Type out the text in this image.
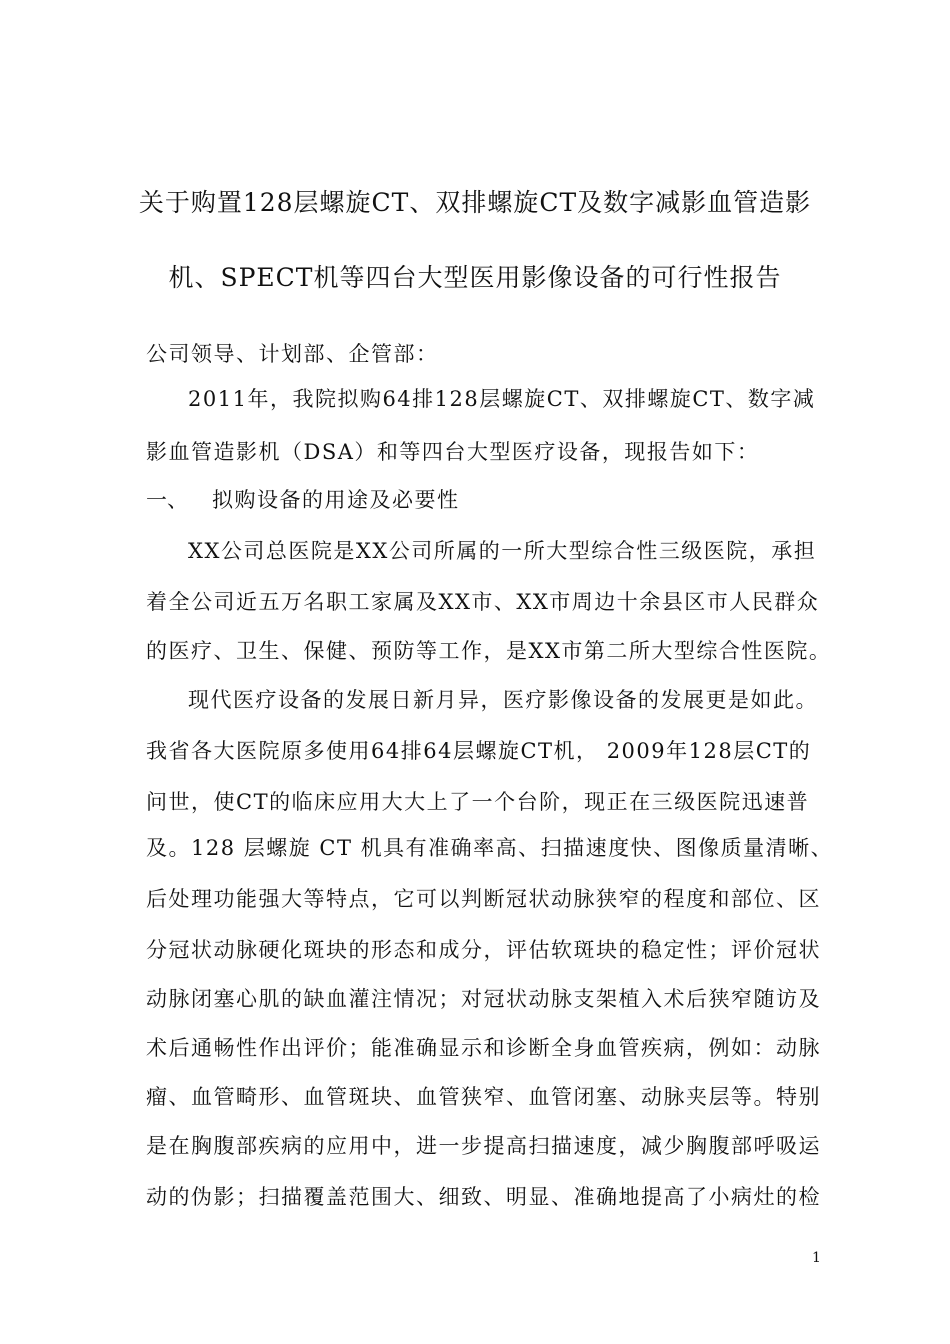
关于购置128层螺旋CT、双排螺旋CT及数字减影血管造影
机、SPECT机等四台大型医用影像设备的可行性报告
公司领导、计划部、企管部：
2011年，我院拟购64排128层螺旋CT、双排螺旋CT、数字减
影血管造影机（DSA）和等四台大型医疗设备，现报告如下：
一、 拟购设备的用途及必要性
XX公司总医院是XX公司所属的一所大型综合性三级医院，承担
着全公司近五万名职工家属及XX市、XX市周边十余县区市人民群众
的医疗、卫生、保健、预防等工作，是XX市第二所大型综合性医院。
现代医疗设备的发展日新月异，医疗影像设备的发展更是如此。
我省各大医院原多使用64排64层螺旋CT机， 2009年128层CT的
问世，使CT的临床应用大大上了一个台阶，现正在三级医院迅速普
及。128 层螺旋 CT 机具有准确率高、扫描速度快、图像质量清晰、
后处理功能强大等特点，它可以判断冠状动脉狭窄的程度和部位、区
分冠状动脉硬化斑块的形态和成分，评估软斑块的稳定性；评价冠状
动脉闭塞心肌的缺血灌注情况；对冠状动脉支架植入术后狭窄随访及
术后通畅性作出评价；能准确显示和诊断全身血管疾病，例如：动脉
瘤、血管畸形、血管斑块、血管狭窄、血管闭塞、动脉夹层等。特别
是在胸腹部疾病的应用中，进一步提高扫描速度，减少胸腹部呼吸运
动的伪影；扫描覆盖范围大、细致、明显、准确地提高了小病灶的检
1
